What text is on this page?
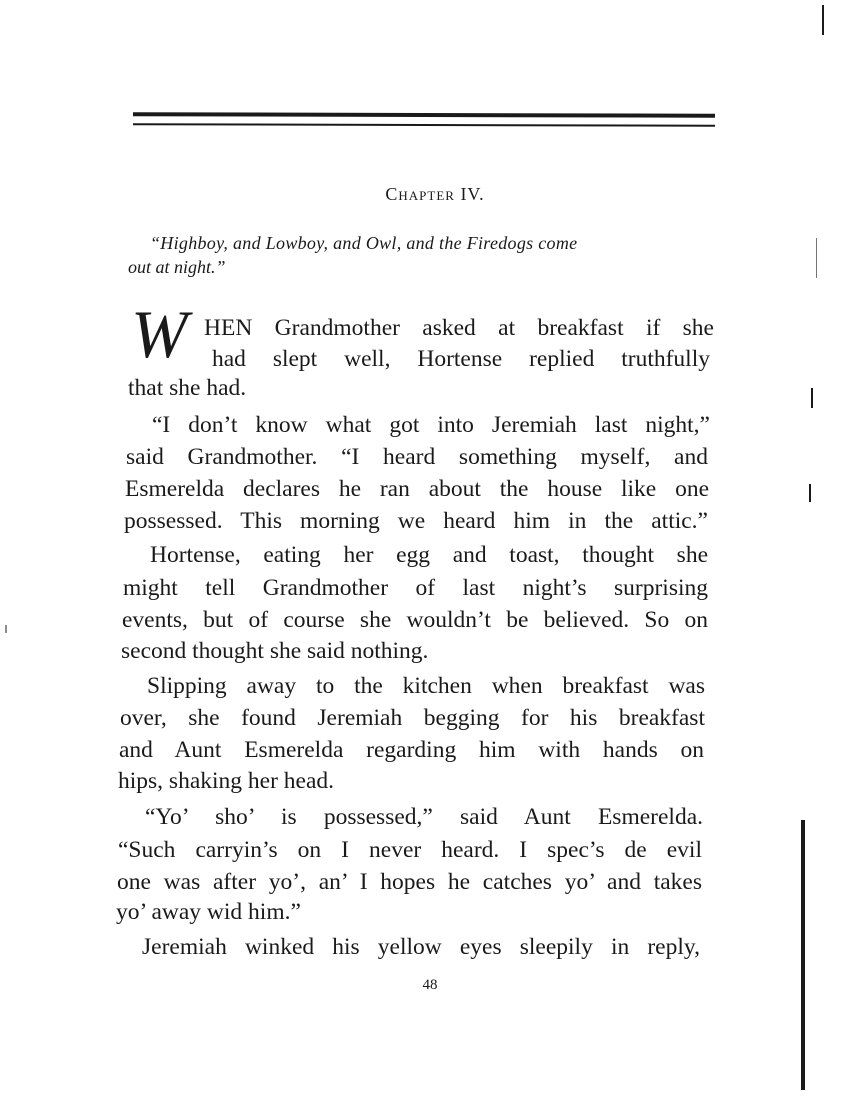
Chapter IV.
“Highboy, and Lowboy, and Owl, and the Firedogs come
out at night.”
W HEN Grandmother asked at breakfast if she
had slept well, Hortense replied truthfully
that she had.
“I don’t know what got into Jeremiah last night,”
said Grandmother. “I heard something myself, and
Esmerelda declares he ran about the house like one
possessed. This morning we heard him in the attic.”
Hortense, eating her egg and toast, thought she
might tell Grandmother of last night’s surprising
events, but of course she wouldn’t be believed. So on
second thought she said nothing.
Slipping away to the kitchen when breakfast was
over, she found Jeremiah begging for his breakfast
and Aunt Esmerelda regarding him with hands on
hips, shaking her head.
“Yo’ sho’ is possessed,” said Aunt Esmerelda.
“Such carryin’s on I never heard. I spec’s de evil
one was after yo’, an’ I hopes he catches yo’ and takes
yo’ away wid him.”
Jeremiah winked his yellow eyes sleepily in reply,
48
